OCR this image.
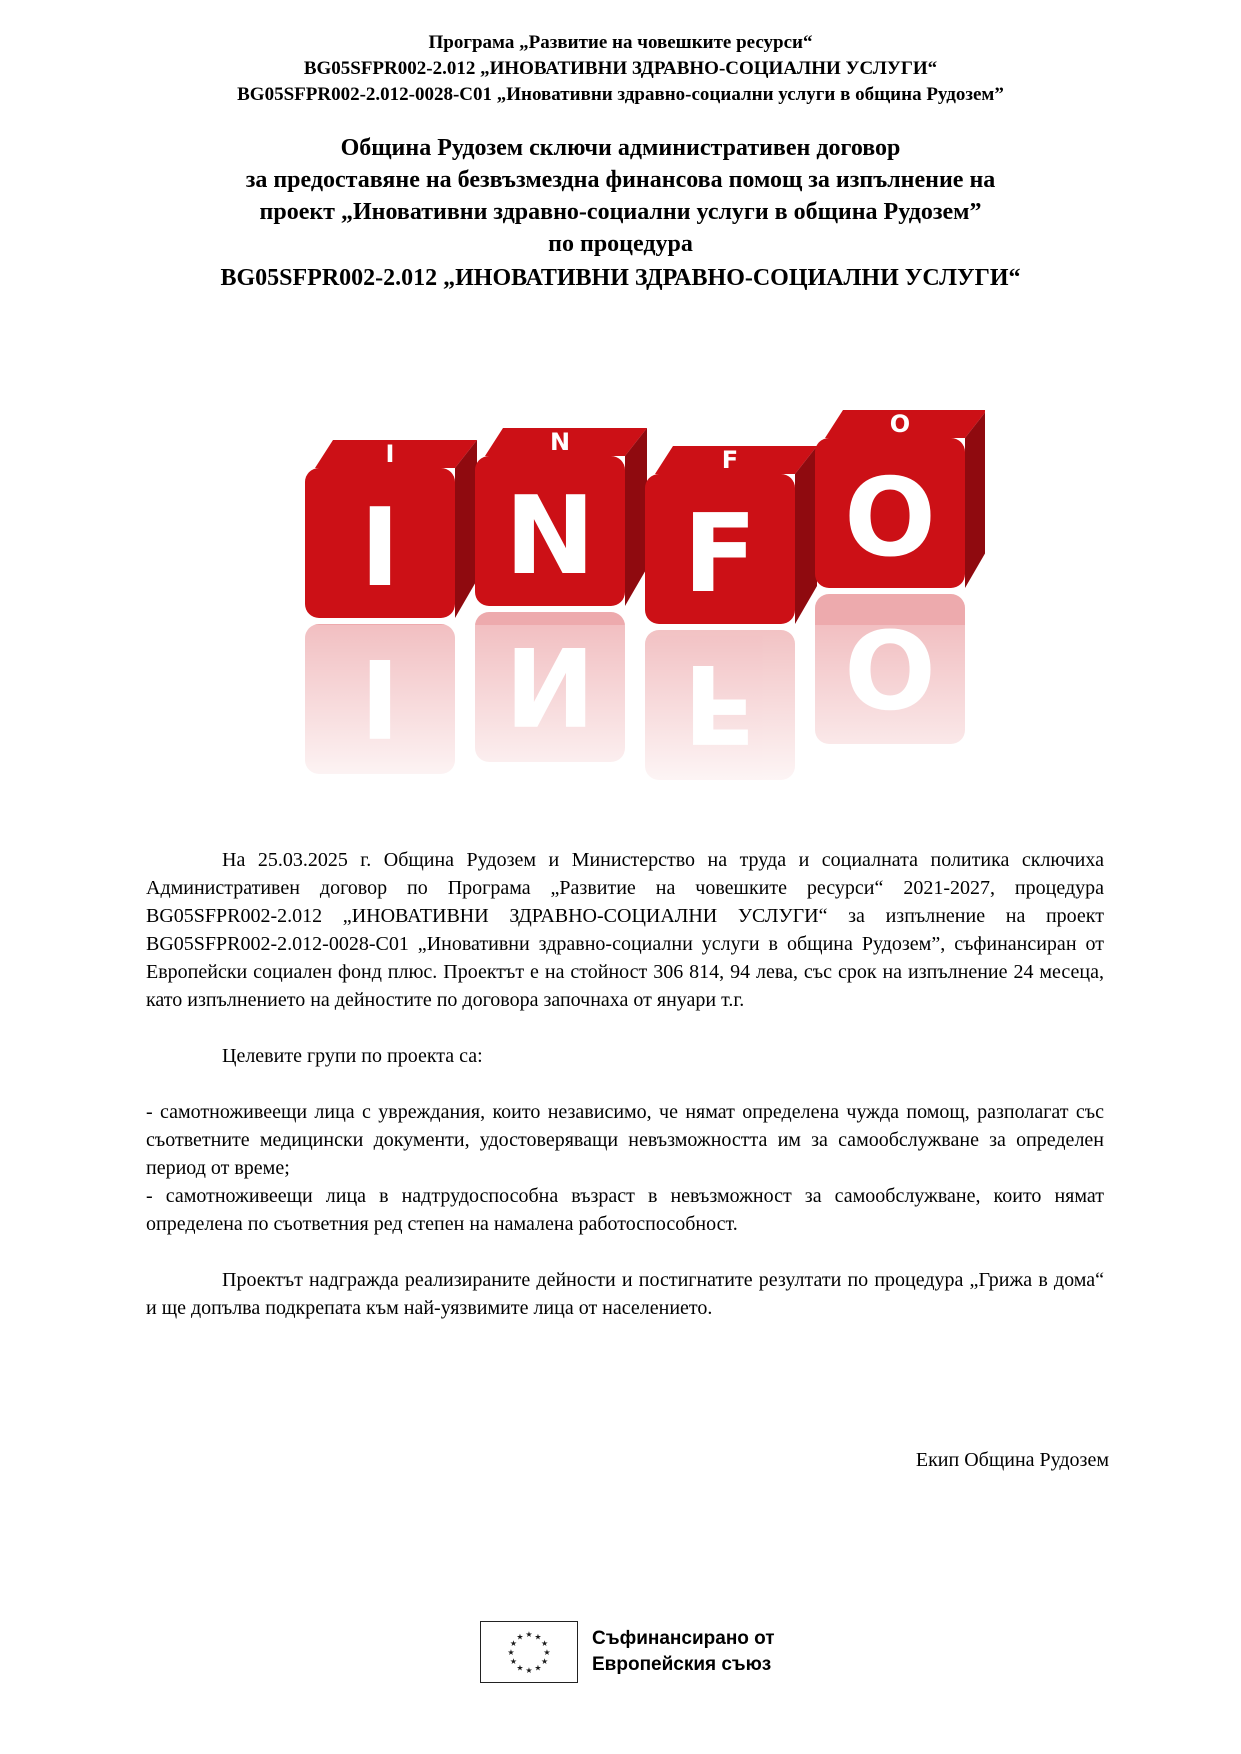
Програма „Развитие на човешките ресурси“
BG05SFPR002-2.012 „ИНОВАТИВНИ ЗДРАВНО-СОЦИАЛНИ УСЛУГИ“
BG05SFPR002-2.012-0028-C01 „Иновативни здравно-социални услуги в община Рудозем”
Община Рудозем сключи административен договор
за предоставяне на безвъзмездна финансова помощ за изпълнение на
проект „Иновативни здравно-социални услуги в община Рудозем”
по процедура
BG05SFPR002-2.012 „ИНОВАТИВНИ ЗДРАВНО-СОЦИАЛНИ УСЛУГИ“
I
I
N
N
F
F O
O

На 25.03.2025 г. Община Рудозем и Министерство на труда и социалната политика сключиха Административен договор по Програма „Развитие на човешките ресурси“ 2021-2027, процедура BG05SFPR002-2.012 „ИНОВАТИВНИ ЗДРАВНО-СОЦИАЛНИ УСЛУГИ“ за изпълнение на проект BG05SFPR002-2.012-0028-C01 „Иновативни здравно-социални услуги в община Рудозем”, съфинансиран от Европейски социален фонд плюс. Проектът е на стойност 306 814, 94 лева, със срок на изпълнение 24 месеца, като изпълнението на дейностите по договора започнаха от януари т.г.

Целевите групи по проекта са:

- самотноживеещи лица с увреждания, които независимо, че нямат определена чужда помощ, разполагат със съответните медицински документи, удостоверяващи невъзможността им за самообслужване за определен период от време;

- самотноживеещи лица в надтрудоспособна възраст в невъзможност за самообслужване, които нямат определена по съответния ред степен на намалена работоспособност.

Проектът надгражда реализираните дейности и постигнатите резултати по процедура „Грижа в дома“ и ще допълва подкрепата към най-уязвимите лица от населението.

Екип Община Рудозем
★
★
★
★
★
★
★
★
★ ★ ★
★ Съфинансирано от
Европейския съюз
